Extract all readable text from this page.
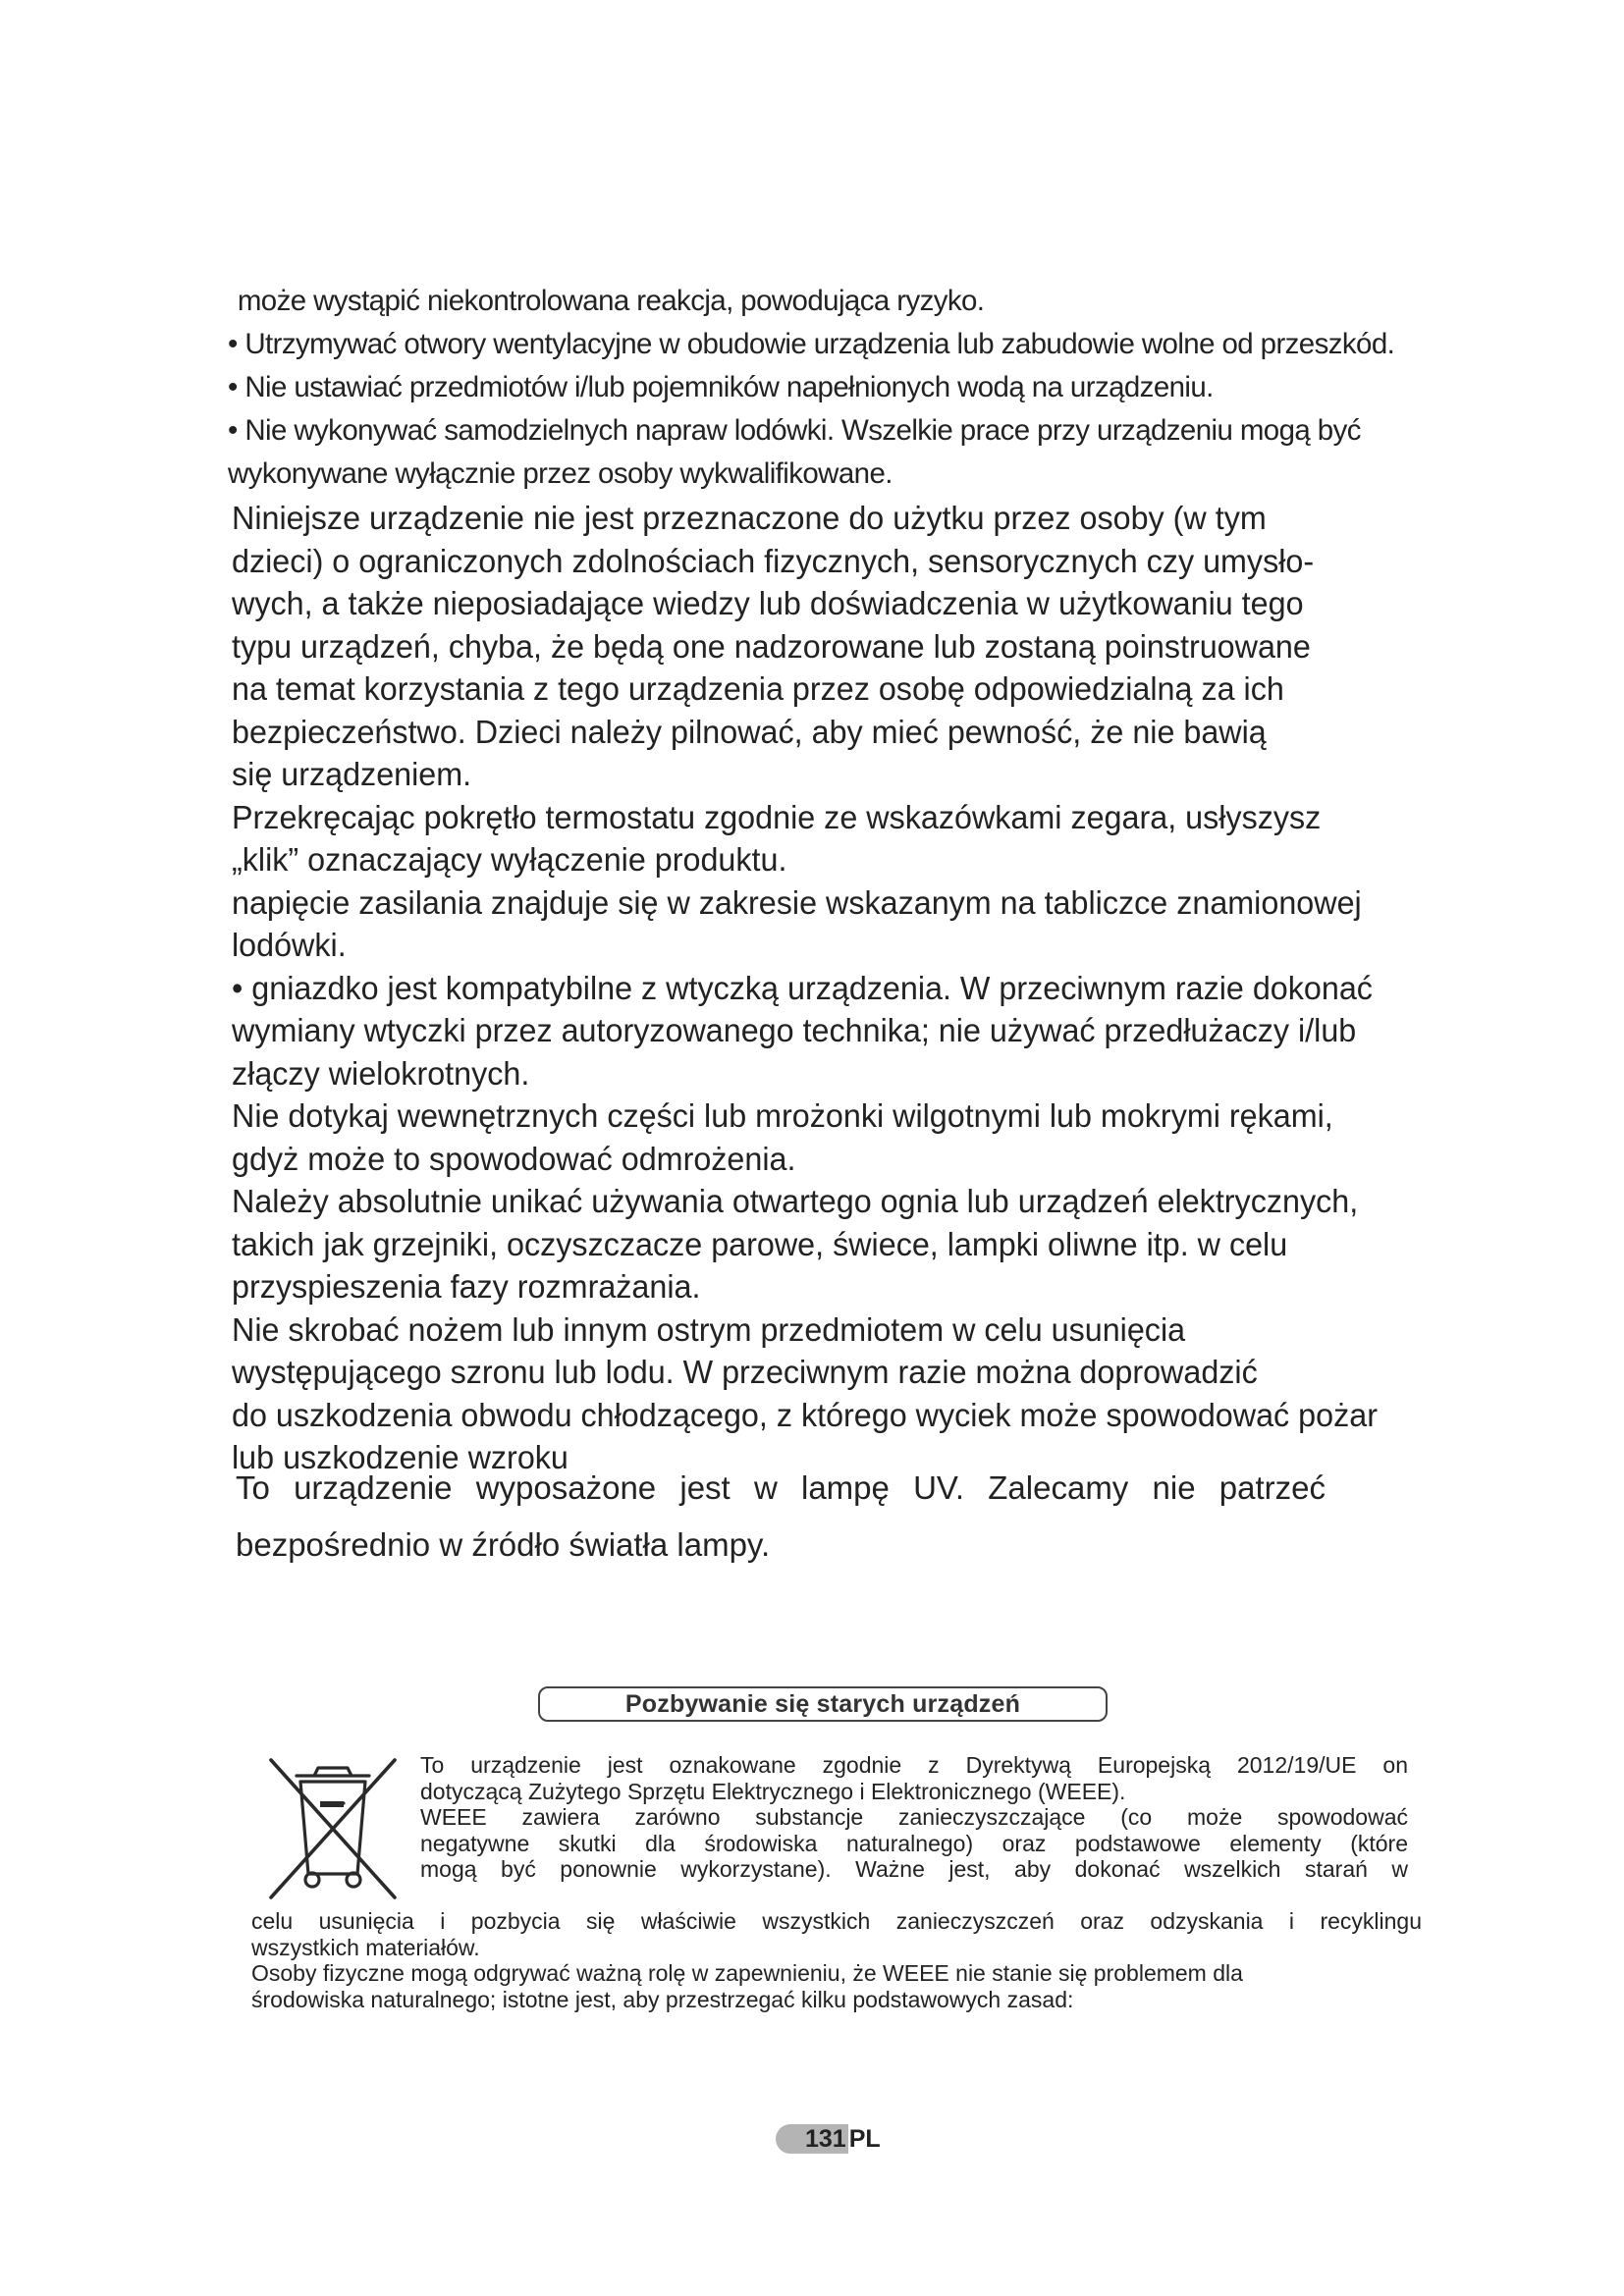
może wystąpić niekontrolowana reakcja, powodująca ryzyko.

• Utrzymywać otwory wentylacyjne w obudowie urządzenia lub zabudowie wolne od przeszkód.

• Nie ustawiać przedmiotów i/lub pojemników napełnionych wodą na urządzeniu.

• Nie wykonywać samodzielnych napraw lodówki. Wszelkie prace przy urządzeniu mogą być

wykonywane wyłącznie przez osoby wykwalifikowane.

Niniejsze urządzenie nie jest przeznaczone do użytku przez osoby (w tym

dzieci) o ograniczonych zdolnościach fizycznych, sensorycznych czy umysło-

wych, a także nieposiadające wiedzy lub doświadczenia w użytkowaniu tego

typu urządzeń, chyba, że będą one nadzorowane lub zostaną poinstruowane

na temat korzystania z tego urządzenia przez osobę odpowiedzialną za ich

bezpieczeństwo. Dzieci należy pilnować, aby mieć pewność, że nie bawią

się urządzeniem.

Przekręcając pokrętło termostatu zgodnie ze wskazówkami zegara, usłyszysz

„klik” oznaczający wyłączenie produktu.

napięcie zasilania znajduje się w zakresie wskazanym na tabliczce znamionowej

lodówki.

• gniazdko jest kompatybilne z wtyczką urządzenia. W przeciwnym razie dokonać

wymiany wtyczki przez autoryzowanego technika; nie używać przedłużaczy i/lub

złączy wielokrotnych.

Nie dotykaj wewnętrznych części lub mrożonki wilgotnymi lub mokrymi rękami,

gdyż może to spowodować odmrożenia.

Należy absolutnie unikać używania otwartego ognia lub urządzeń elektrycznych,

takich jak grzejniki, oczyszczacze parowe, świece, lampki oliwne itp. w celu

przyspieszenia fazy rozmrażania.

Nie skrobać nożem lub innym ostrym przedmiotem w celu usunięcia

występującego szronu lub lodu. W przeciwnym razie można doprowadzić

do uszkodzenia obwodu chłodzącego, z którego wyciek może spowodować pożar

lub uszkodzenie wzroku

To urządzenie wyposażone jest w lampę UV. Zalecamy nie patrzeć

bezpośrednio w źródło światła lampy.

Pozbywanie się starych urządzeń

To urządzenie jest oznakowane zgodnie z Dyrektywą Europejską 2012/19/UE on

dotyczącą Zużytego Sprzętu Elektrycznego i Elektronicznego (WEEE).

WEEE zawiera zarówno substancje zanieczyszczające (co może spowodować

negatywne skutki dla środowiska naturalnego) oraz podstawowe elementy (które

mogą być ponownie wykorzystane). Ważne jest, aby dokonać wszelkich starań w

celu usunięcia i pozbycia się właściwie wszystkich zanieczyszczeń oraz odzyskania i recyklingu

wszystkich materiałów.

Osoby fizyczne mogą odgrywać ważną rolę w zapewnieniu, że WEEE nie stanie się problemem dla

środowiska naturalnego; istotne jest, aby przestrzegać kilku podstawowych zasad:

131 PL
